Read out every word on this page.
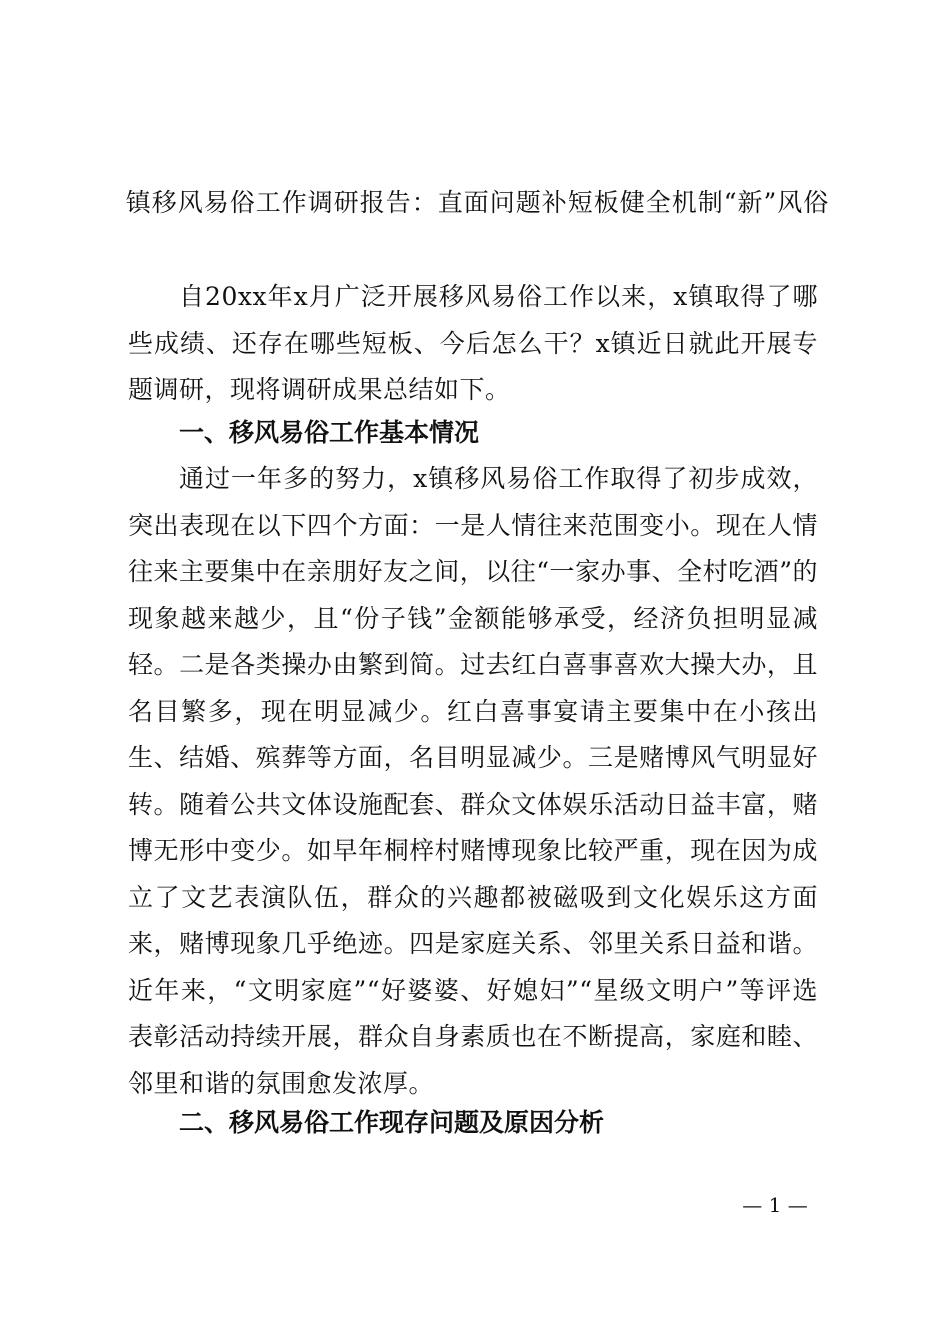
镇移风易俗工作调研报告：直面问题补短板健全机制“新”风俗

自20xx年x月广泛开展移风易俗工作以来，x镇取得了哪些成绩、还存在哪些短板、今后怎么干？x镇近日就此开展专题调研，现将调研成果总结如下。

一、移风易俗工作基本情况

通过一年多的努力，x镇移风易俗工作取得了初步成效，突出表现在以下四个方面：一是人情往来范围变小。现在人情往来主要集中在亲朋好友之间，以往“一家办事、全村吃酒”的现象越来越少，且“份子钱”金额能够承受，经济负担明显减轻。二是各类操办由繁到简。过去红白喜事喜欢大操大办，且名目繁多，现在明显减少。红白喜事宴请主要集中在小孩出生、结婚、殡葬等方面，名目明显减少。三是赌博风气明显好转。随着公共文体设施配套、群众文体娱乐活动日益丰富，赌博无形中变少。如早年桐梓村赌博现象比较严重，现在因为成立了文艺表演队伍，群众的兴趣都被磁吸到文化娱乐这方面来，赌博现象几乎绝迹。四是家庭关系、邻里关系日益和谐。近年来，“文明家庭”“好婆婆、好媳妇”“星级文明户”等评选表彰活动持续开展，群众自身素质也在不断提高，家庭和睦、邻里和谐的氛围愈发浓厚。

二、移风易俗工作现存问题及原因分析
— 1 —
